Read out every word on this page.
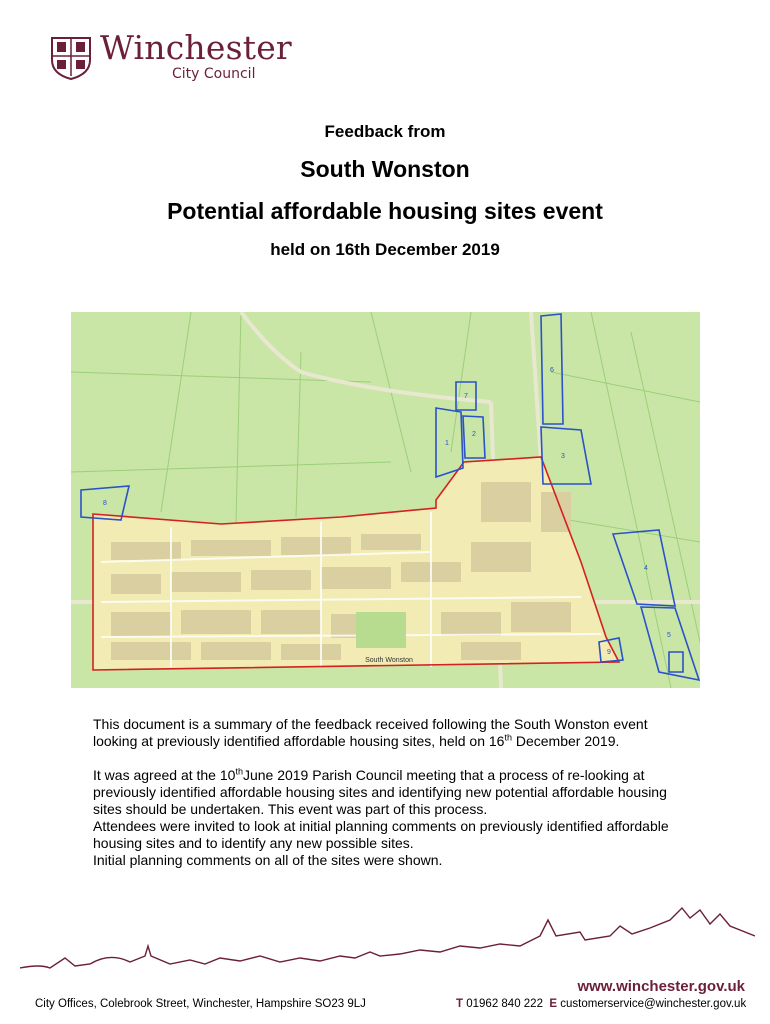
Winchester
City Council
Feedback from
South Wonston
Potential affordable housing sites event
held on 16th December 2019
1
2
3
4
5
6
7
8
9
South Wonston

This document is a summary of the feedback received following the South Wonston event looking at previously identified affordable housing sites, held on 16th December 2019.

It was agreed at the 10thJune 2019 Parish Council meeting that a process of re-looking at previously identified affordable housing sites and identifying new potential affordable housing sites should be undertaken. This event was part of this process.

Attendees were invited to look at initial planning comments on previously identified affordable housing sites and to identify any new possible sites.

Initial planning comments on all of the sites were shown.

www.winchester.gov.uk
City Offices, Colebrook Street, Winchester, Hampshire SO23 9LJ	T 01962 840 222 E customerservice@winchester.gov.uk
